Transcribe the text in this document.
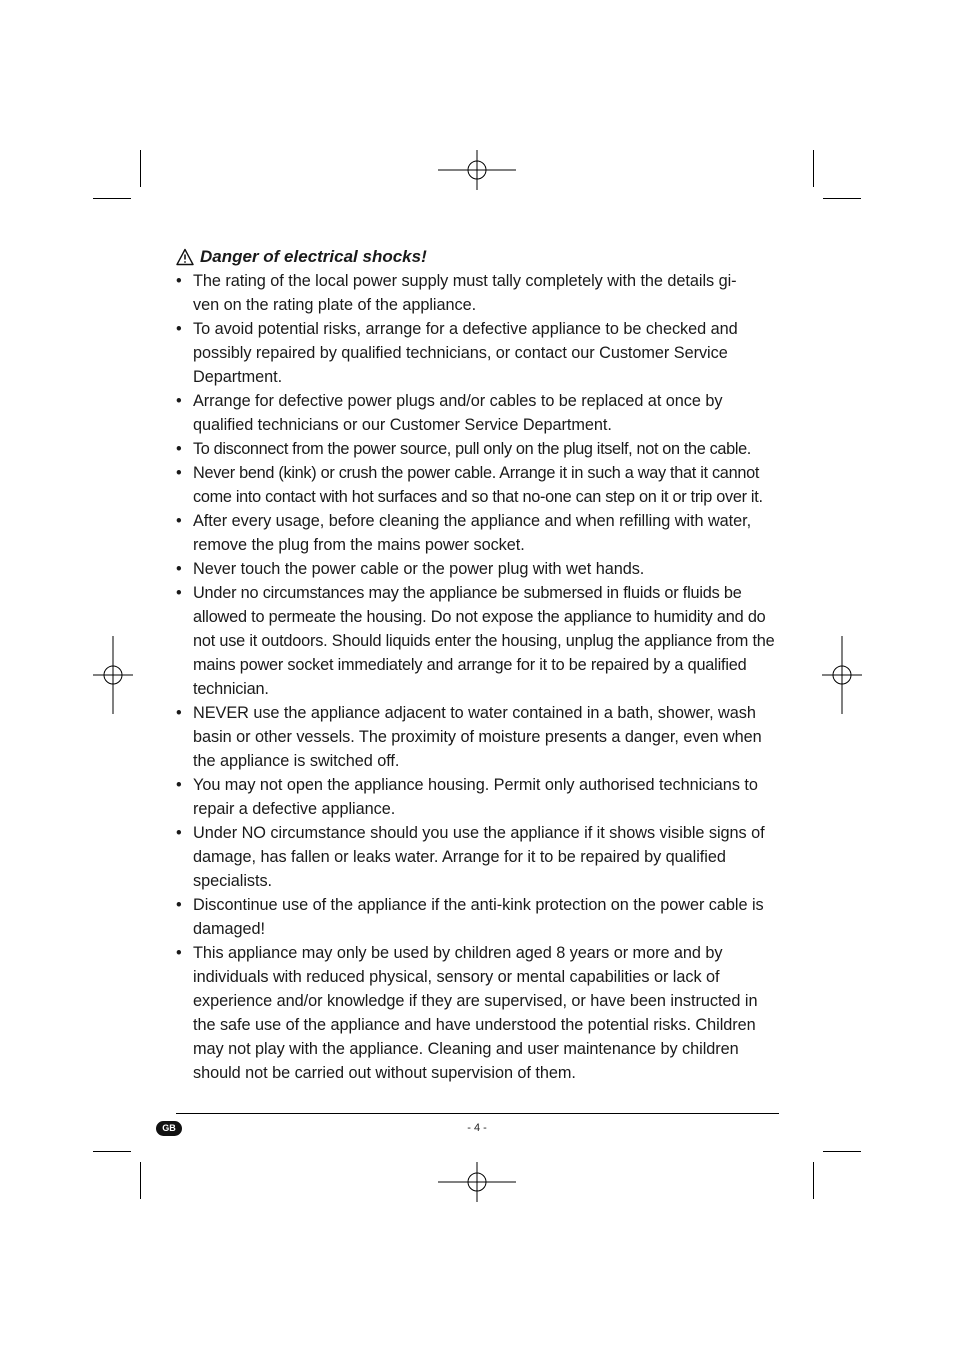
Danger of electrical shocks!
• The rating of the local power supply must tally completely with the details gi-
ven on the rating plate of the appliance.
• To avoid potential risks, arrange for a defective appliance to be checked and possibly repaired by qualified technicians, or contact our Customer Service Department.
• Arrange for defective power plugs and/or cables to be replaced at once by qualified technicians or our Customer Service Department.
• To disconnect from the power source, pull only on the plug itself, not on the cable.
• Never bend (kink) or crush the power cable. Arrange it in such a way that it cannot come into contact with hot surfaces and so that no-one can step on it or trip over it.
• After every usage, before cleaning the appliance and when refilling with water, remove the plug from the mains power socket.
• Never touch the power cable or the power plug with wet hands.
• Under no circumstances may the appliance be submersed in fluids or fluids be allowed to permeate the housing. Do not expose the appliance to humidity and do not use it outdoors. Should liquids enter the housing, unplug the appliance from the mains power socket immediately and arrange for it to be repaired by a qualified technician.
• NEVER use the appliance adjacent to water contained in a bath, shower, wash basin or other vessels. The proximity of moisture presents a danger, even when the appliance is switched off.
• You may not open the appliance housing. Permit only authorised technicians to repair a defective appliance.
• Under NO circumstance should you use the appliance if it shows visible signs of damage, has fallen or leaks water. Arrange for it to be repaired by qualified specialists.
• Discontinue use of the appliance if the anti-kink protection on the power cable is damaged!
• This appliance may only be used by children aged 8 years or more and by individuals with reduced physical, sensory or mental capabilities or lack of experience and/or knowledge if they are supervised, or have been instructed in the safe use of the appliance and have understood the potential risks. Children may not play with the appliance. Cleaning and user maintenance by children should not be carried out without supervision of them.
GB	- 4 -
